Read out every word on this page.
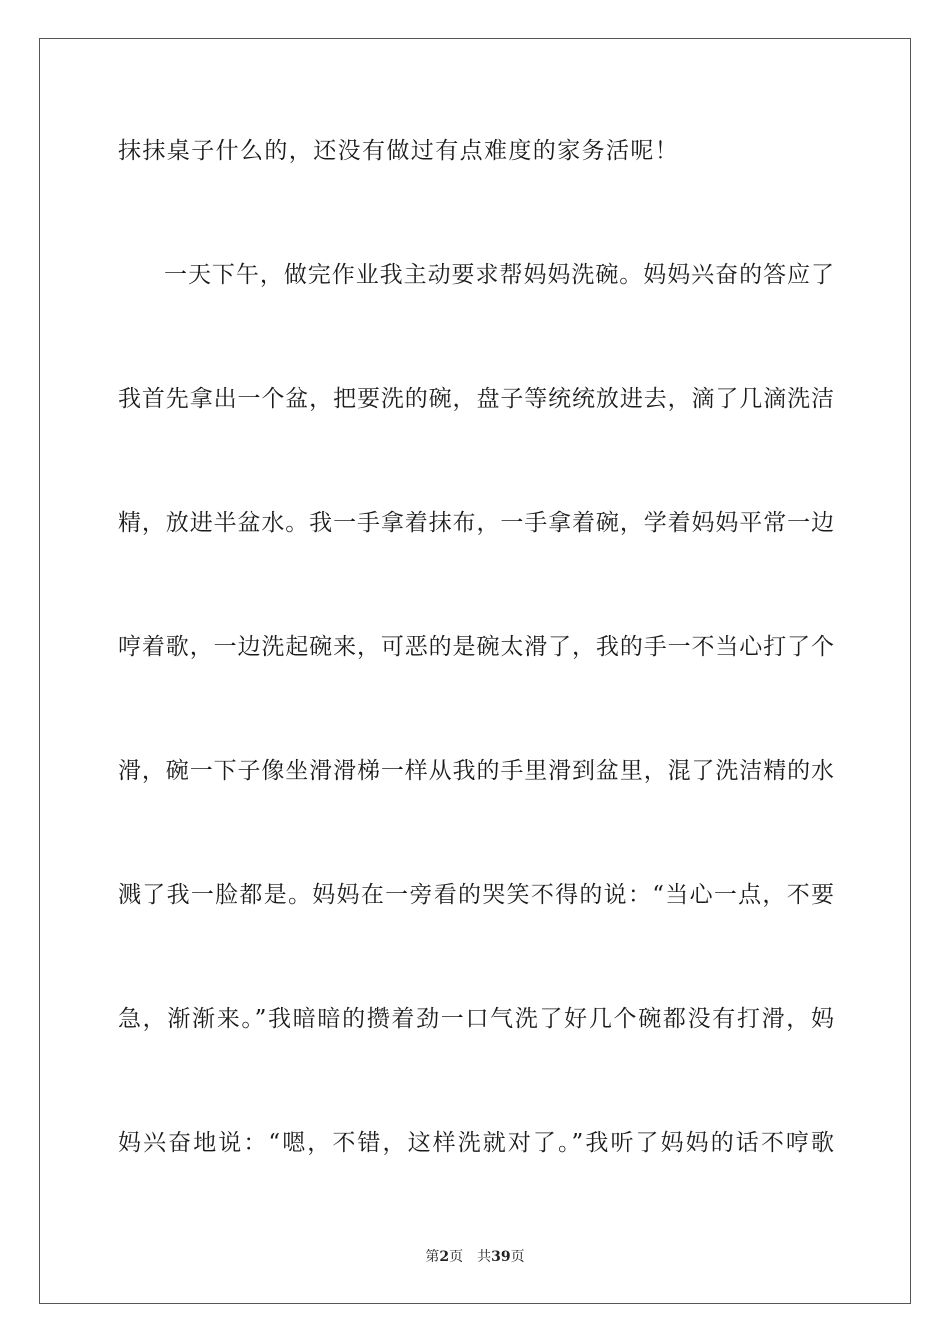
抹抹桌子什么的，还没有做过有点难度的家务活呢！
一天下午，做完作业我主动要求帮妈妈洗碗。妈妈兴奋的答应了
我首先拿出一个盆，把要洗的碗，盘子等统统放进去，滴了几滴洗洁
精，放进半盆水。我一手拿着抹布，一手拿着碗，学着妈妈平常一边
哼着歌，一边洗起碗来，可恶的是碗太滑了，我的手一不当心打了个
滑，碗一下子像坐滑滑梯一样从我的手里滑到盆里，混了洗洁精的水
溅了我一脸都是。妈妈在一旁看的哭笑不得的说：“当心一点，不要
急，渐渐来。”我暗暗的攒着劲一口气洗了好几个碗都没有打滑，妈
妈兴奋地说：“嗯，不错，这样洗就对了。”我听了妈妈的话不哼歌
第2页 共39页
